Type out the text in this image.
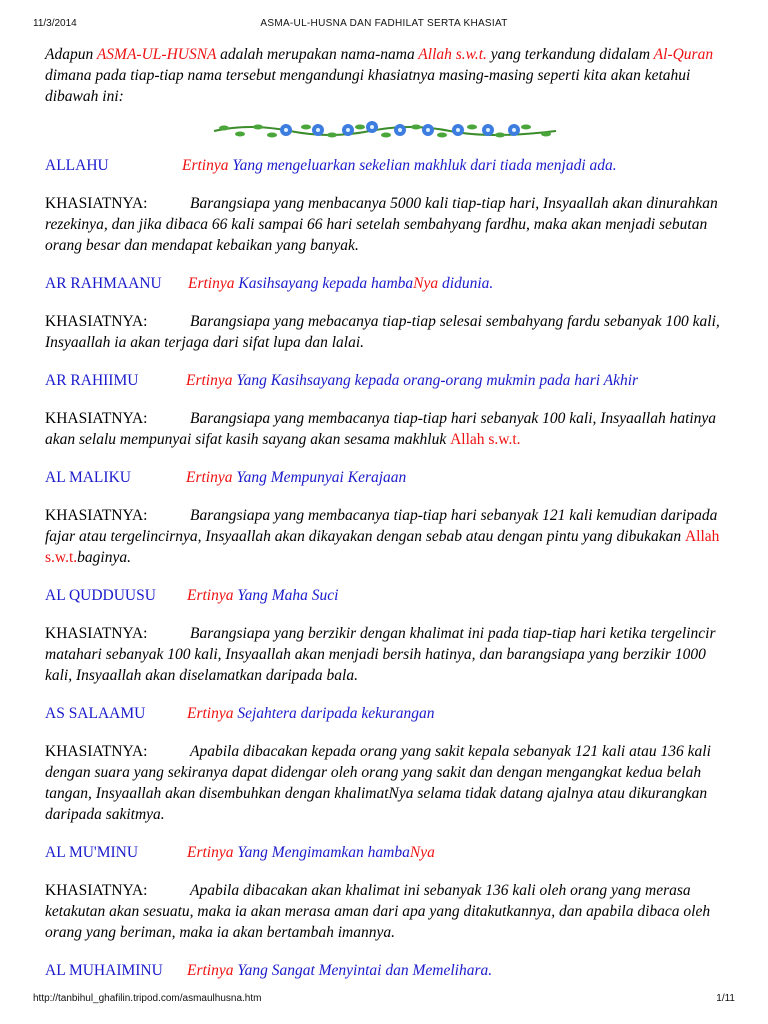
11/3/2014	ASMA-UL-HUSNA DAN FADHILAT SERTA KHASIAT

Adapun ASMA-UL-HUSNA adalah merupakan nama-nama Allah s.w.t. yang terkandung didalam Al-Quran dimana pada tiap-tiap nama tersebut mengandungi khasiatnya masing-masing seperti kita akan ketahui dibawah ini:

ALLAHU	Ertinya Yang mengeluarkan sekelian makhluk dari tiada menjadi ada.

KHASIATNYA:	Barangsiapa yang menbacanya 5000 kali tiap-tiap hari, Insyaallah akan dinurahkan rezekinya, dan jika dibaca 66 kali sampai 66 hari setelah sembahyang fardhu, maka akan menjadi sebutan orang besar dan mendapat kebaikan yang banyak.

AR RAHMAANU Ertinya Kasihsayang kepada hambaNya didunia.

KHASIATNYA:	Barangsiapa yang mebacanya tiap-tiap selesai sembahyang fardu sebanyak 100 kali, Insyaallah ia akan terjaga dari sifat lupa dan lalai.

AR RAHIIMU	Ertinya Yang Kasihsayang kepada orang-orang mukmin pada hari Akhir

KHASIATNYA:	Barangsiapa yang membacanya tiap-tiap hari sebanyak 100 kali, Insyaallah hatinya akan selalu mempunyai sifat kasih sayang akan sesama makhluk Allah s.w.t.

AL MALIKU	Ertinya Yang Mempunyai Kerajaan

KHASIATNYA:	Barangsiapa yang membacanya tiap-tiap hari sebanyak 121 kali kemudian daripada fajar atau tergelincirnya, Insyaallah akan dikayakan dengan sebab atau dengan pintu yang dibukakan Allah s.w.t.baginya.

AL QUDDUUSU Ertinya Yang Maha Suci

KHASIATNYA:	Barangsiapa yang berzikir dengan khalimat ini pada tiap-tiap hari ketika tergelincir matahari sebanyak 100 kali, Insyaallah akan menjadi bersih hatinya, dan barangsiapa yang berzikir 1000 kali, Insyaallah akan diselamatkan daripada bala.

AS SALAAMU	Ertinya Sejahtera daripada kekurangan

KHASIATNYA:	Apabila dibacakan kepada orang yang sakit kepala sebanyak 121 kali atau 136 kali dengan suara yang sekiranya dapat didengar oleh orang yang sakit dan dengan mengangkat kedua belah tangan, Insyaallah akan disembuhkan dengan khalimatNya selama tidak datang ajalnya atau dikurangkan daripada sakitmya.

AL MU'MINU	Ertinya Yang Mengimamkan hambaNya

KHASIATNYA:	Apabila dibacakan akan khalimat ini sebanyak 136 kali oleh orang yang merasa ketakutan akan sesuatu, maka ia akan merasa aman dari apa yang ditakutkannya, dan apabila dibaca oleh orang yang beriman, maka ia akan bertambah imannya.

AL MUHAIMINU Ertinya Yang Sangat Menyintai dan Memelihara.
http://tanbihul_ghafilin.tripod.com/asmaulhusna.htm	1/11
